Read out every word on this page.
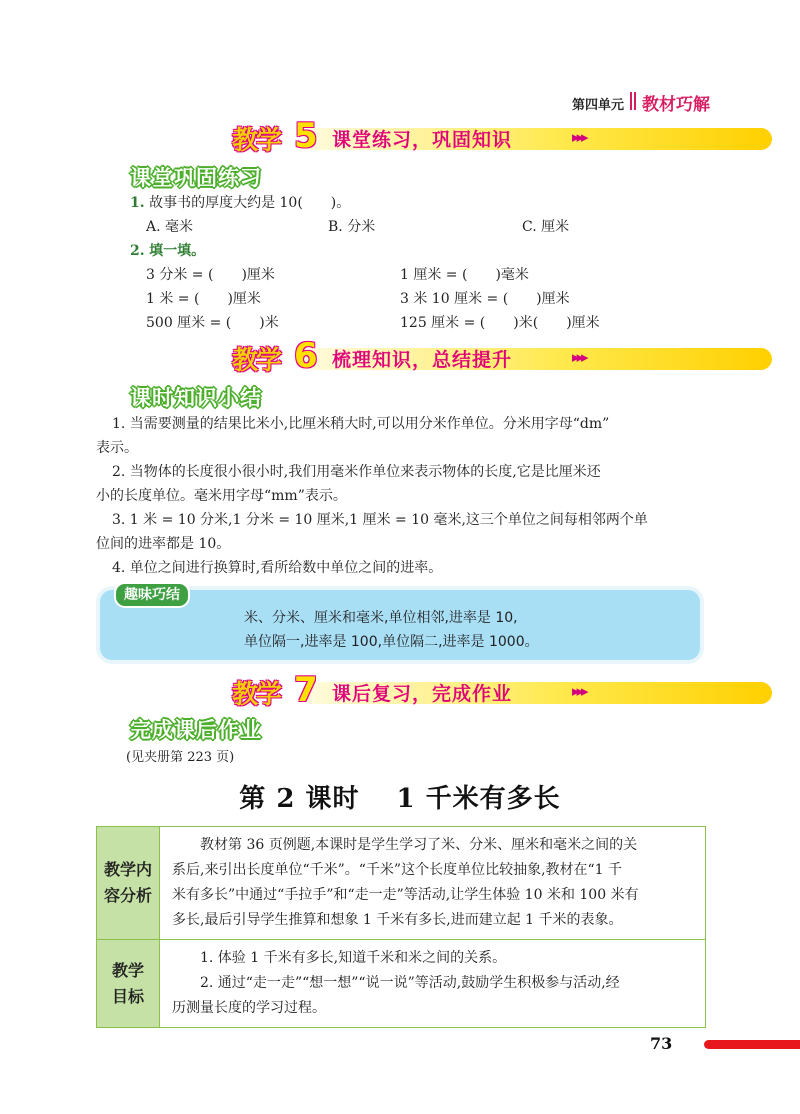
第四单元 教材巧解
教学 5 课堂练习，巩固知识	▸▸▸
课堂巩固练习
1. 故事书的厚度大约是 10(　　)。
A. 毫米	B. 分米	C. 厘米
2. 填一填。
3 分米 = (　　)厘米	1 厘米 = (　　)毫米
1 米 = (　　)厘米	3 米 10 厘米 = (　　)厘米
500 厘米 = (　　)米	125 厘米 = (　　)米(　　)厘米
教学 6 梳理知识，总结提升	▸▸▸
课时知识小结
1. 当需要测量的结果比米小,比厘米稍大时,可以用分米作单位。分米用字母“dm”
表示。
2. 当物体的长度很小很小时,我们用毫米作单位来表示物体的长度,它是比厘米还
小的长度单位。毫米用字母“mm”表示。
3. 1 米 = 10 分米,1 分米 = 10 厘米,1 厘米 = 10 毫米,这三个单位之间每相邻两个单
位间的进率都是 10。
4. 单位之间进行换算时,看所给数中单位之间的进率。
趣味巧结
米、分米、厘米和毫米,单位相邻,进率是 10,
单位隔一,进率是 100,单位隔二,进率是 1000。
教学 7 课后复习，完成作业	▸▸▸
完成课后作业
(见夹册第 223 页)
第 2 课时　 1 千米有多长
教学内
容分析
　　教材第 36 页例题,本课时是学生学习了米、分米、厘米和毫米之间的关
系后,来引出长度单位“千米”。“千米”这个长度单位比较抽象,教材在“1 千
米有多长”中通过“手拉手”和“走一走”等活动,让学生体验 10 米和 100 米有
多长,最后引导学生推算和想象 1 千米有多长,进而建立起 1 千米的表象。
教学
目标
　　1. 体验 1 千米有多长,知道千米和米之间的关系。
　　2. 通过“走一走”“想一想”“说一说”等活动,鼓励学生积极参与活动,经
历测量长度的学习过程。
73
